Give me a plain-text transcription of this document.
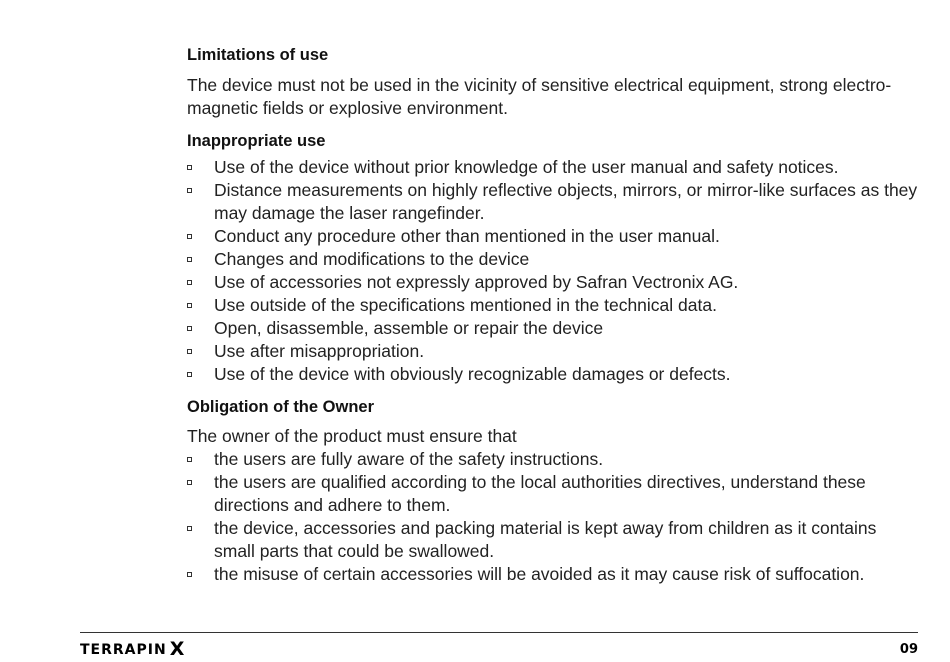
Limitations of use

The device must not be used in the vicinity of sensitive electrical equipment, strong electro-magnetic fields or explosive environment.

Inappropriate use
Use of the device without prior knowledge of the user manual and safety notices.
Distance measurements on highly reflective objects, mirrors, or mirror-like surfaces as they may damage the laser rangefinder.
Conduct any procedure other than mentioned in the user manual.
Changes and modifications to the device
Use of accessories not expressly approved by Safran Vectronix AG.
Use outside of the specifications mentioned in the technical data.
Open, disassemble, assemble or repair the device
Use after misappropriation.
Use of the device with obviously recognizable damages or defects.
Obligation of the Owner

The owner of the product must ensure that

the users are fully aware of the safety instructions.
the users are qualified according to the local authorities directives, understand these directions and adhere to them.
the device, accessories and packing material is kept away from children as it contains small parts that could be swallowed.
the misuse of certain accessories will be avoided as it may cause risk of suffocation.
TERRAPIN X	09
